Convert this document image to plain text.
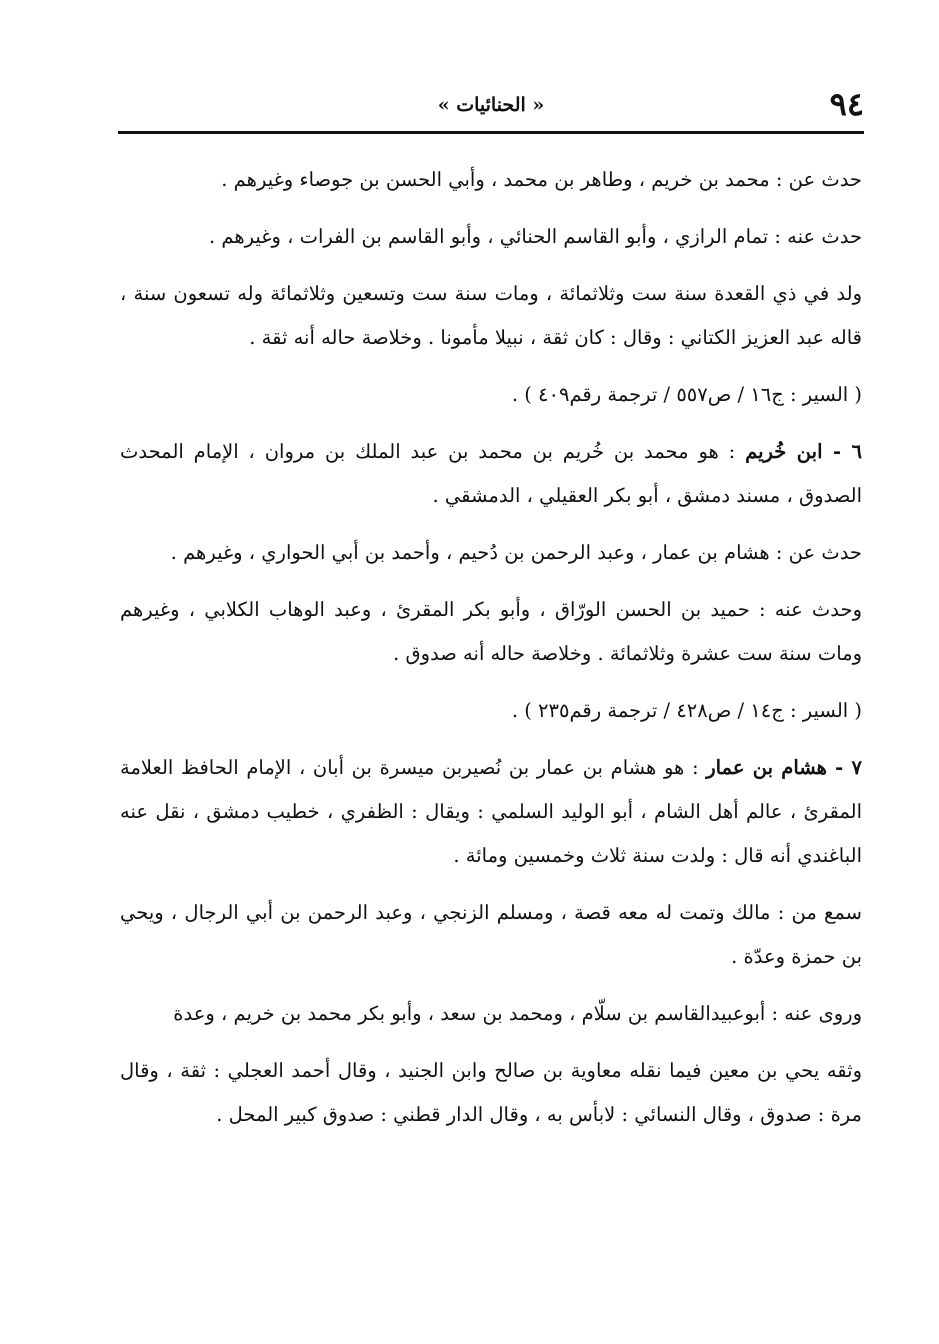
٩٤
« الحنائيات »

حدث عن : محمد بن خريم ، وطاهر بن محمد ، وأبي الحسن بن جوصاء وغيرهم .

حدث عنه : تمام الرازي ، وأبو القاسم الحنائي ، وأبو القاسم بن الفرات ، وغيرهم .

ولد في ذي القعدة سنة ست وثلاثمائة ، ومات سنة ست وتسعين وثلاثمائة وله تسعون سنة ، قاله عبد العزيز الكتاني : وقال : كان ثقة ، نبيلا مأمونا . وخلاصة حاله أنه ثقة .

( السير : ج١٦ / ص٥٥٧ / ترجمة رقم٤٠٩ ) .

٦ - ابن خُريم : هو محمد بن خُريم بن محمد بن عبد الملك بن مروان ، الإمام المحدث الصدوق ، مسند دمشق ، أبو بكر العقيلي ، الدمشقي .

حدث عن : هشام بن عمار ، وعبد الرحمن بن دُحيم ، وأحمد بن أبي الحواري ، وغيرهم .

وحدث عنه : حميد بن الحسن الورّاق ، وأبو بكر المقرئ ، وعبد الوهاب الكلابي ، وغيرهم ومات سنة ست عشرة وثلاثمائة . وخلاصة حاله أنه صدوق .

( السير : ج١٤ / ص٤٢٨ / ترجمة رقم٢٣٥ ) .

٧ - هشام بن عمار : هو هشام بن عمار بن نُصيربن ميسرة بن أبان ، الإمام الحافظ العلامة المقرئ ، عالم أهل الشام ، أبو الوليد السلمي : ويقال : الظفري ، خطيب دمشق ، نقل عنه الباغندي أنه قال : ولدت سنة ثلاث وخمسين ومائة .

سمع من : مالك وتمت له معه قصة ، ومسلم الزنجي ، وعبد الرحمن بن أبي الرجال ، ويحي بن حمزة وعدّة .

وروى عنه : أبوعبيدالقاسم بن سلّام ، ومحمد بن سعد ، وأبو بكر محمد بن خريم ، وعدة

وثقه يحي بن معين فيما نقله معاوية بن صالح وابن الجنيد ، وقال أحمد العجلي : ثقة ، وقال مرة : صدوق ، وقال النسائي : لابأس به ، وقال الدار قطني : صدوق كبير المحل .
